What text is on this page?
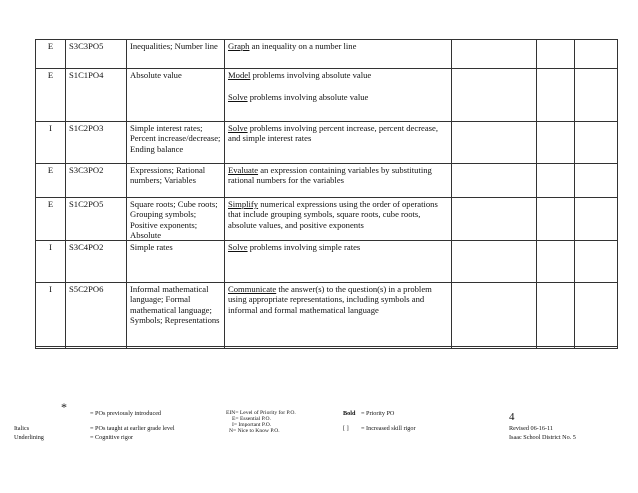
E	S3C3PO5	Inequalities; Number line	Graph an inequality on a number line			
E	S1C1PO4	Absolute value	Model problems involving absolute value
Solve problems involving absolute value			
I	S1C2PO3	Simple interest rates; Percent increase/decrease; Ending balance	Solve problems involving percent increase, percent decrease, and simple interest rates			
E	S3C3PO2	Expressions; Rational numbers; Variables	Evaluate an expression containing variables by substituting rational numbers for the variables			
E	S1C2PO5	Square roots; Cube roots; Grouping symbols; Positive exponents; Absolute	Simplify numerical expressions using the order of operations that include grouping symbols, square roots, cube roots, absolute values, and positive exponents			
I	S3C4PO2	Simple rates	Solve problems involving simple rates			
I	S5C2PO6	Informal mathematical language; Formal mathematical language; Symbols; Representations	Communicate the answer(s) to the question(s) in a problem using appropriate representations, including symbols and informal and formal mathematical language			

*	= POs previously introduced
Italics	= POs taught at earlier grade level
Underlining	= Cognitive rigor
EIN= Level of Priority for P.O.
E= Essential P.O.
I= Important P.O.
N= Nice to Know P.O.
Bold = Priority PO
[ ] = Increased skill rigor
4
Revised 06-16-11
Isaac School District No. 5
